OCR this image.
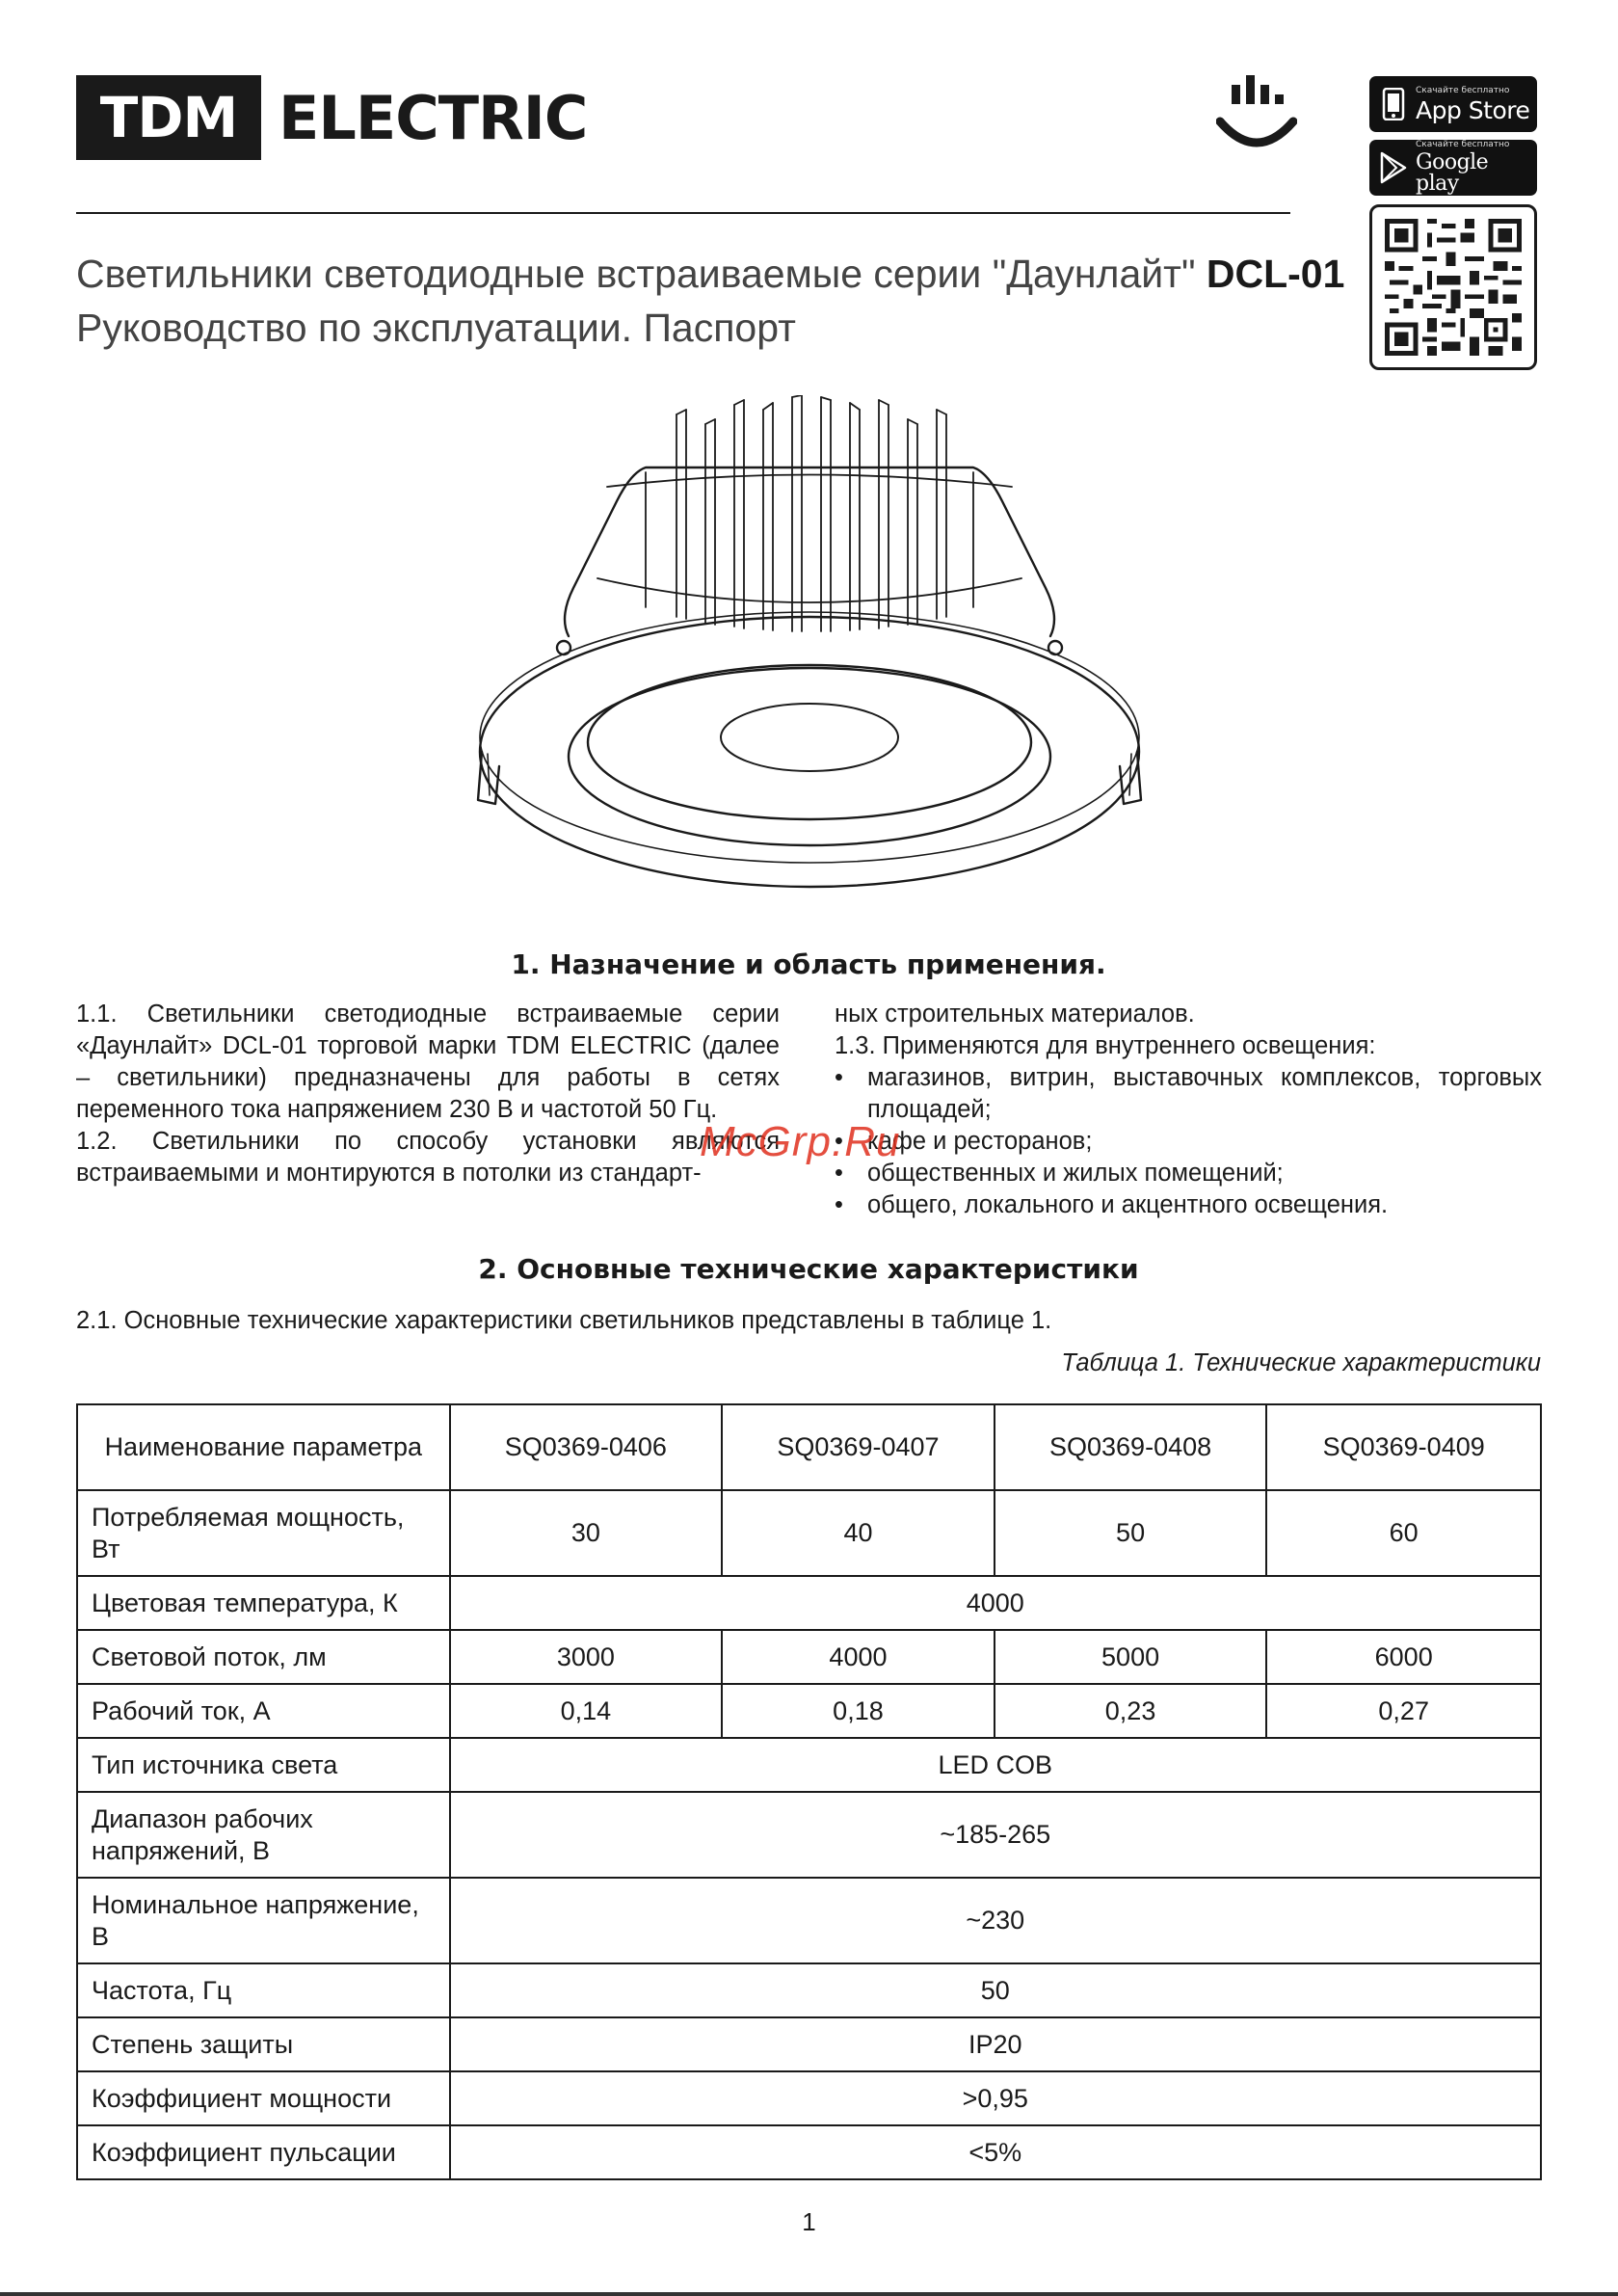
TDM ELECTRIC	Скачайте бесплатно
App Store
Скачайте бесплатно
Google play
Светильники светодиодные встраиваемые серии "Даунлайт" DCL-01
Руководство по эксплуатации. Паспорт
1. Назначение и область применения.

1.1. Светильники светодиодные встраиваемые серии «Даунлайт» DCL-01 торговой марки TDM ELECTRIC (далее – светильники) предназначены для работы в сетях переменного тока напряжением 230 В и частотой 50 Гц.

1.2. Светильники по способу установки являются встраиваемыми и монтируются в потолки из стандарт-

ных строительных материалов.

1.3. Применяются для внутреннего освещения:

• магазинов, витрин, выставочных комплексов, торговых площадей;
• кафе и ресторанов;
• общественных и жилых помещений;
• общего, локального и акцентного освещения.
McGrp.Ru
2. Основные технические характеристики
2.1. Основные технические характеристики светильников представлены в таблице 1.
Таблица 1. Технические характеристики
Наименование параметра	SQ0369-0406	SQ0369-0407	SQ0369-0408	SQ0369-0409
Потребляемая мощность, Вт	30	40	50	60
Цветовая температура, К	4000			
Световой поток, лм	3000	4000	5000	6000
Рабочий ток, А	0,14	0,18	0,23	0,27
Тип источника света	LED COB			
Диапазон рабочих напряжений, В	~185-265			
Номинальное напряжение, В	~230			
Частота, Гц	50			
Степень защиты	IP20			
Коэффициент мощности	>0,95			
Коэффициент пульсации	<5%			
1
